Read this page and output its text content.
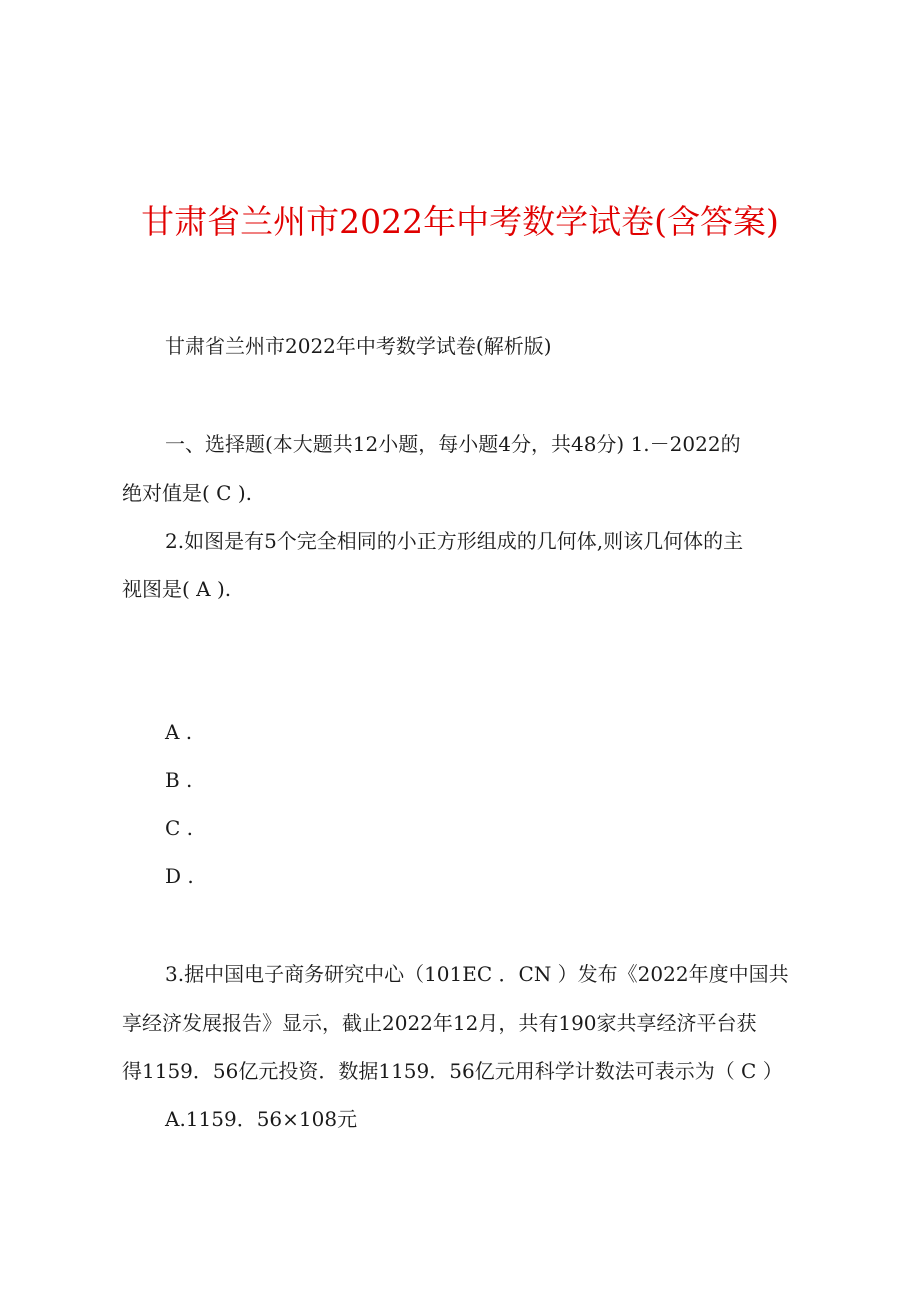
甘肃省兰州市2022年中考数学试卷(含答案)
甘肃省兰州市2022年中考数学试卷(解析版)
一、选择题(本大题共12小题，每小题4分，共48分) 1.－2022的
绝对值是( C ).
2.如图是有5个完全相同的小正方形组成的几何体,则该几何体的主
视图是( A ).
A .
B .
C .
D .
3.据中国电子商务研究中心（101EC ．CN ）发布《2022年度中国共
享经济发展报告》显示，截止2022年12月，共有190家共享经济平台获
得1159．56亿元投资．数据1159．56亿元用科学计数法可表示为（ C ）
A.1159．56×108元
